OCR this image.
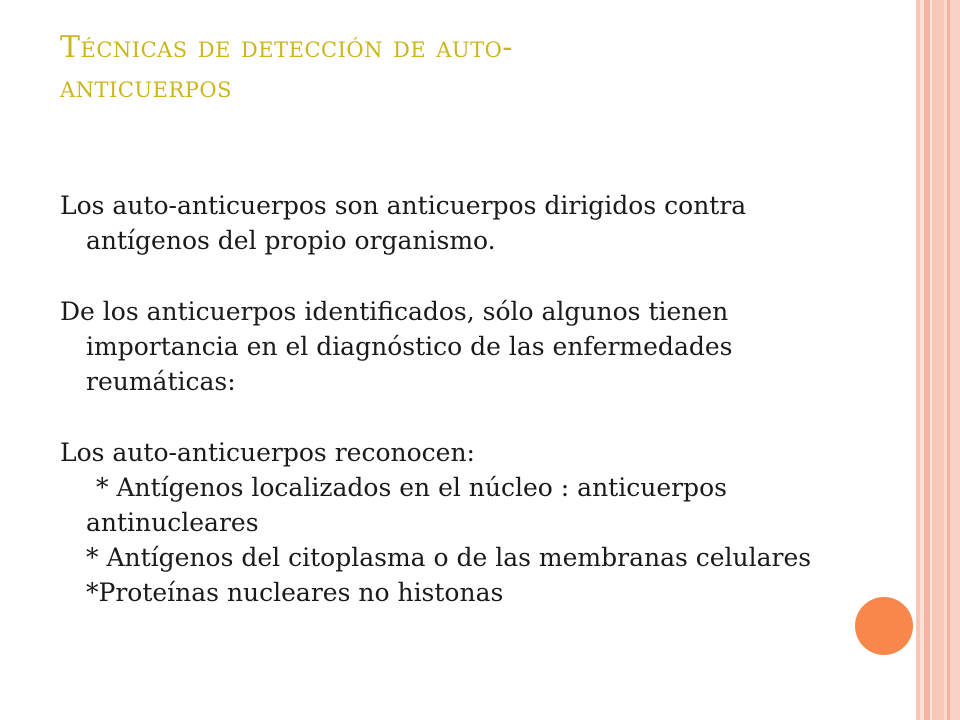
Técnicas de detección de auto-
anticuerpos

Los auto-anticuerpos son anticuerpos dirigidos contra antígenos del propio organismo.

De los anticuerpos identificados, sólo algunos tienen importancia en el diagnóstico de las enfermedades reumáticas:

Los auto-anticuerpos reconocen:

* Antígenos localizados en el núcleo : anticuerpos antinucleares

* Antígenos del citoplasma o de las membranas celulares

*Proteínas nucleares no histonas
